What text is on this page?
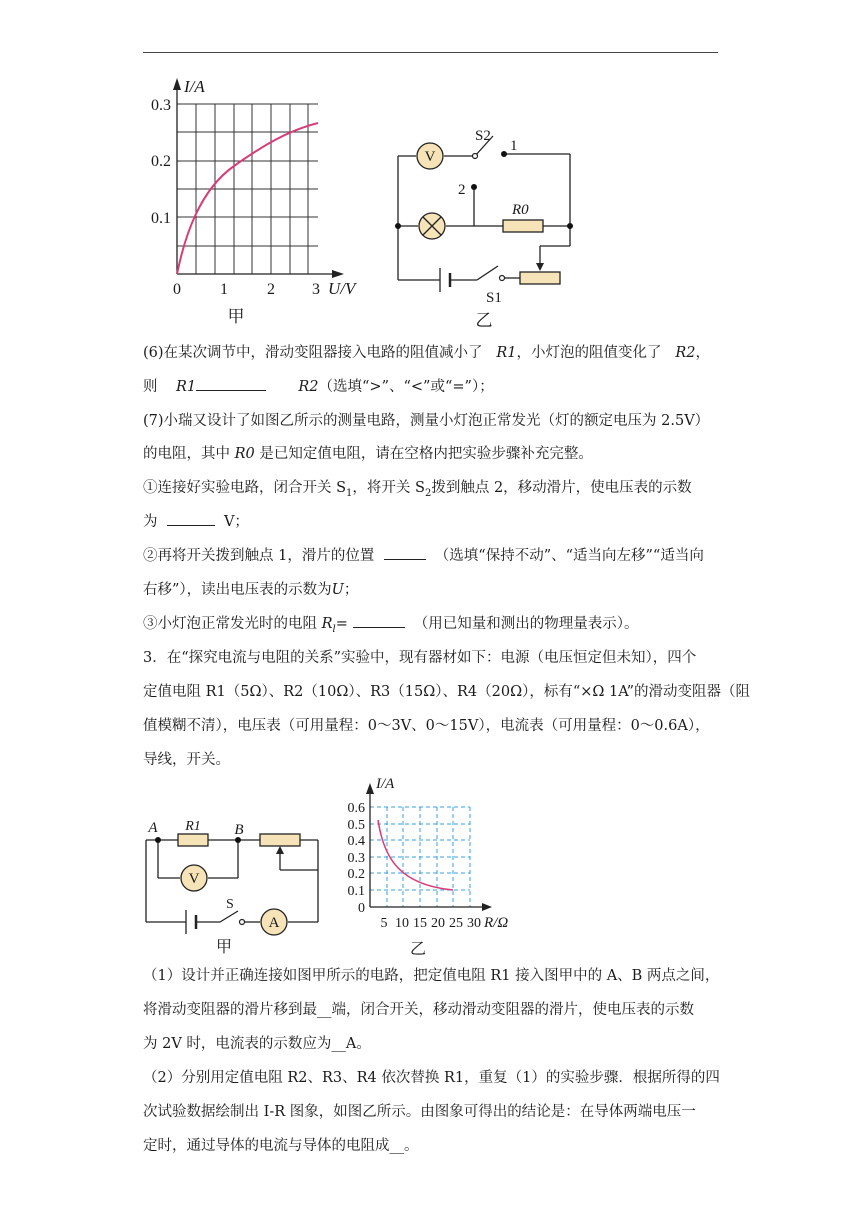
I/A
0.3
0.2
0.1
0 1 2 3 U/V
甲
V
S2
1
2
R0
S1
乙
(6)在某次调节中，滑动变阻器接入电路的阻值减小了 R1，小灯泡的阻值变化了 R2，
则 R1	R2（选填“>”、“<”或“=”）；
(7)小瑞又设计了如图乙所示的测量电路，测量小灯泡正常发光（灯的额定电压为 2.5V）
的电阻，其中 R0 是已知定值电阻，请在空格内把实验步骤补充完整。
①连接好实验电路，闭合开关 $S_1$，将开关 $S_2$拨到触点 2，移动滑片，使电压表的示数
为	V；
②再将开关拨到触点 1，滑片的位置	（选填“保持不动”、“适当向左移”“适当向
右移”），读出电压表的示数为U；
③小灯泡正常发光时的电阻 $R_l=$	（用已知量和测出的物理量表示）。
3．在“探究电流与电阻的关系”实验中，现有器材如下：电源（电压恒定但未知），四个
定值电阻 R1（5Ω）、R2（10Ω）、R3（15Ω）、R4（20Ω），标有“×Ω 1A”的滑动变阻器（阻
值模糊不清），电压表（可用量程：0～3V、0～15V），电流表（可用量程：0～0.6A），
导线，开关。
V
A
A	B
R1
S
甲
I/A
0.6
0.5
0.4
0.3
0.2
0.1
0
5 10 15 20 25 30 R/Ω
乙
（1）设计并正确连接如图甲所示的电路，把定值电阻 R1 接入图甲中的 A、B 两点之间，
将滑动变阻器的滑片移到最__端，闭合开关，移动滑动变阻器的滑片，使电压表的示数
为 2V 时，电流表的示数应为__A。
（2）分别用定值电阻 R2、R3、R4 依次替换 R1，重复（1）的实验步骤．根据所得的四
次试验数据绘制出 I-R 图象，如图乙所示。由图象可得出的结论是：在导体两端电压一
定时，通过导体的电流与导体的电阻成__。
